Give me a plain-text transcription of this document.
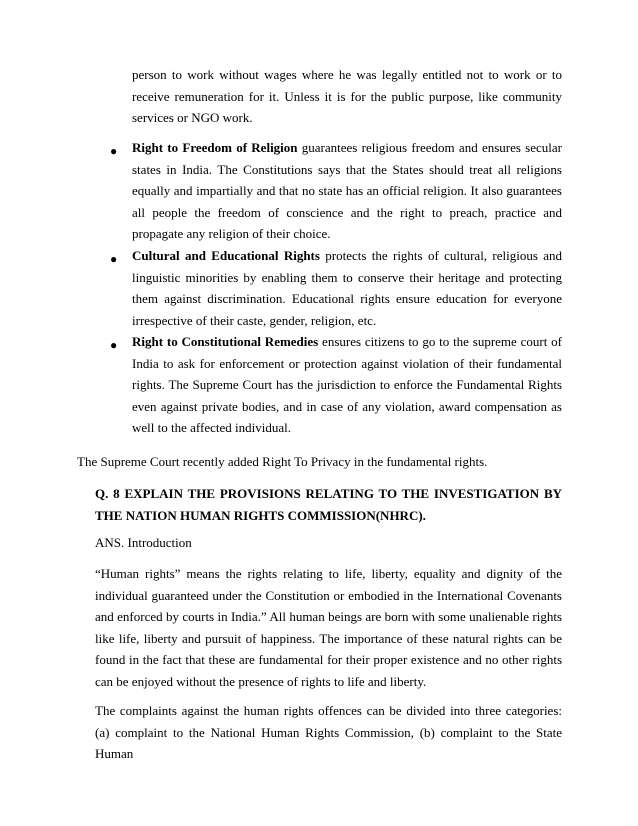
person to work without wages where he was legally entitled not to work or to receive remuneration for it. Unless it is for the public purpose, like community services or NGO work.

● Right to Freedom of Religion guarantees religious freedom and ensures secular states in India. The Constitutions says that the States should treat all religions equally and impartially and that no state has an official religion. It also guarantees all people the freedom of conscience and the right to preach, practice and propagate any religion of their choice.

● Cultural and Educational Rights protects the rights of cultural, religious and linguistic minorities by enabling them to conserve their heritage and protecting them against discrimination. Educational rights ensure education for everyone irrespective of their caste, gender, religion, etc.

● Right to Constitutional Remedies ensures citizens to go to the supreme court of India to ask for enforcement or protection against violation of their fundamental rights. The Supreme Court has the jurisdiction to enforce the Fundamental Rights even against private bodies, and in case of any violation, award compensation as well to the affected individual.

The Supreme Court recently added Right To Privacy in the fundamental rights.

Q. 8 EXPLAIN THE PROVISIONS RELATING TO THE INVESTIGATION BY THE NATION HUMAN RIGHTS COMMISSION(NHRC).

ANS. Introduction

“Human rights” means the rights relating to life, liberty, equality and dignity of the individual guaranteed under the Constitution or embodied in the International Covenants and enforced by courts in India.” All human beings are born with some unalienable rights like life, liberty and pursuit of happiness. The importance of these natural rights can be found in the fact that these are fundamental for their proper existence and no other rights can be enjoyed without the presence of rights to life and liberty.

The complaints against the human rights offences can be divided into three categories: (a) complaint to the National Human Rights Commission, (b) complaint to the State Human
